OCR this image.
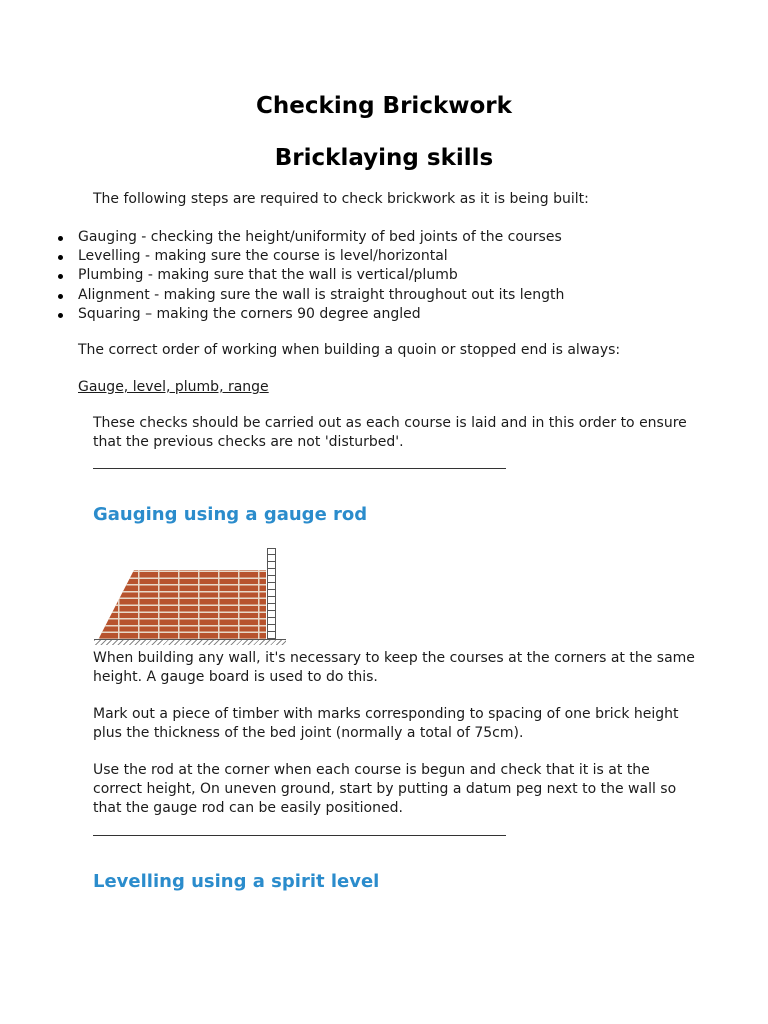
Checking Brickwork
Bricklaying skills

The following steps are required to check brickwork as it is being built:

Gauging - checking the height/uniformity of bed joints of the courses
Levelling - making sure the course is level/horizontal
Plumbing - making sure that the wall is vertical/plumb
Alignment - making sure the wall is straight throughout out its length
Squaring – making the corners 90 degree angled

The correct order of working when building a quoin or stopped end is always:

Gauge, level, plumb, range

These checks should be carried out as each course is laid and in this order to ensure

that the previous checks are not 'disturbed'.

Gauging using a gauge rod

When building any wall, it's necessary to keep the courses at the corners at the same

height. A gauge board is used to do this.

Mark out a piece of timber with marks corresponding to spacing of one brick height

plus the thickness of the bed joint (normally a total of 75cm).

Use the rod at the corner when each course is begun and check that it is at the

correct height, On uneven ground, start by putting a datum peg next to the wall so

that the gauge rod can be easily positioned.

Levelling using a spirit level
